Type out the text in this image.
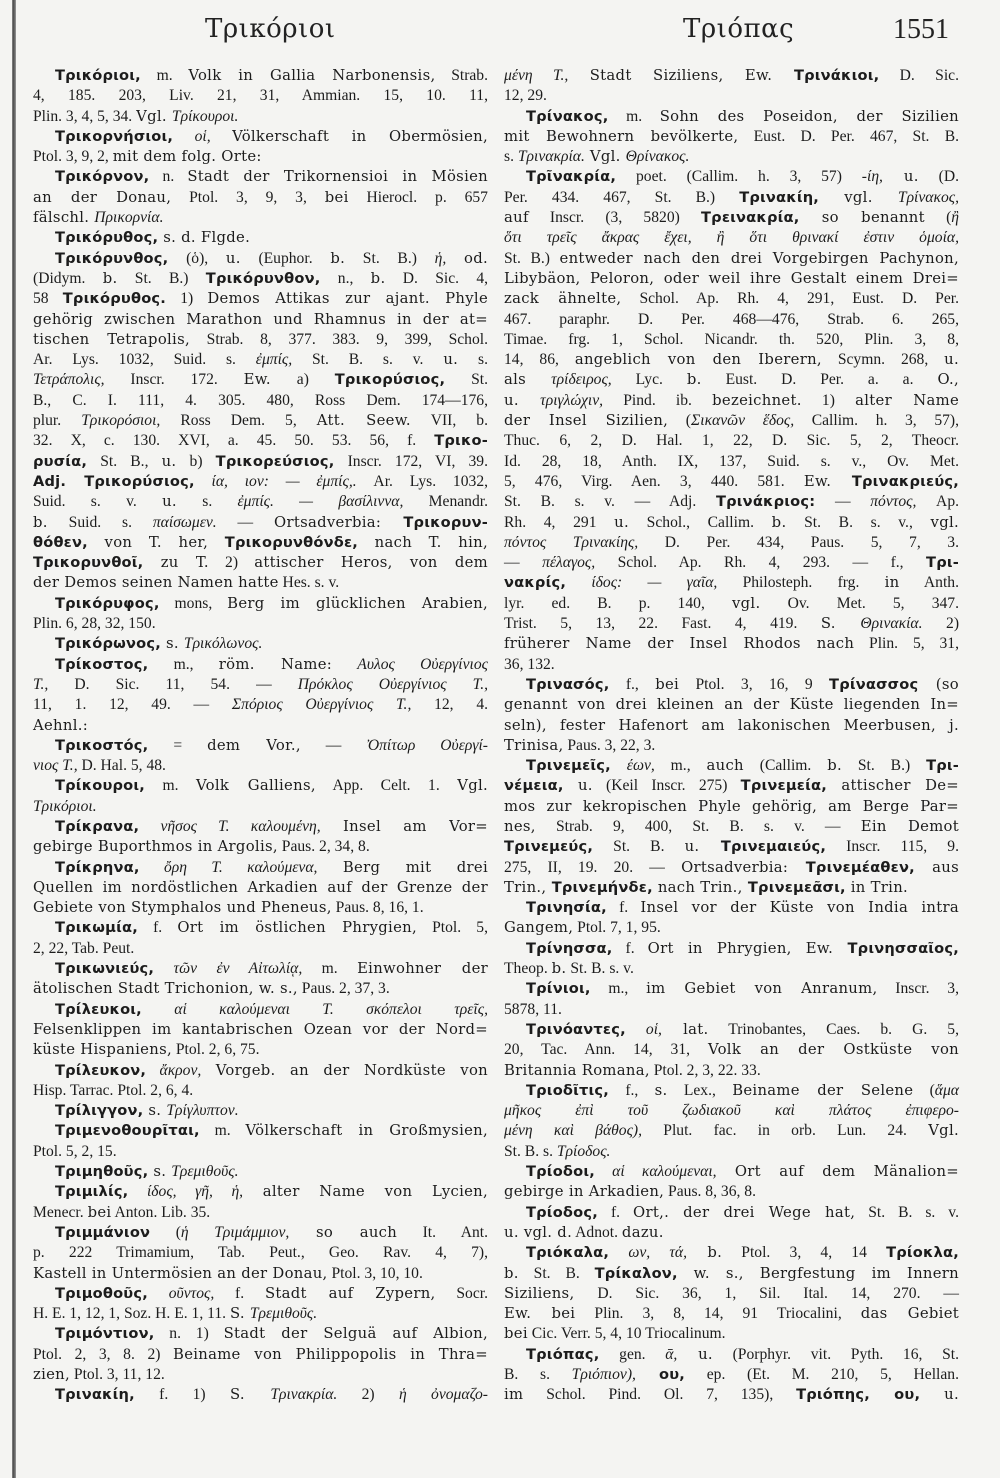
Τρικόριοι	Τριόπας	1551
Τρικόριοι, m. Volk in Gallia Narbonensis, Strab.
4, 185. 203, Liv. 21, 31, Ammian. 15, 10. 11,
Plin. 3, 4, 5, 34. Vgl. Τρίκουροι.
Τρικορνήσιοι, οἱ, Völkerschaft in Obermösien,
Ptol. 3, 9, 2, mit dem folg. Orte:
Τρικόρνον, n. Stadt der Trikornensioi in Mösien
an der Donau, Ptol. 3, 9, 3, bei Hierocl. p. 657
fälschl. Πρικορνία.
Τρικόρυθος, s. d. Flgde.
Τρικόρυνθος, (ὁ), u. (Euphor. b. St. B.) ἡ, od.
(Didym. b. St. B.) Τρικόρυνθον, n., b. D. Sic. 4,
58 Τρικόρυθος. 1) Demos Attikas zur ajant. Phyle
gehörig zwischen Marathon und Rhamnus in der at=
tischen Tetrapolis, Strab. 8, 377. 383. 9, 399, Schol.
Ar. Lys. 1032, Suid. s. ἐμπίς, St. B. s. v. u. s.
Τετράπολις, Inscr. 172. Ew. a) Τρικορύσιος, St.
B., C. I. 111, 4. 305. 480, Ross Dem. 174—176,
plur. Τρικορόσιοι, Ross Dem. 5, Att. Seew. VII, b.
32. X, c. 130. XVI, a. 45. 50. 53. 56, f. Τρικο-
ρυσία, St. B., u. b) Τρικορεύσιος, Inscr. 172, VI, 39.
Adj. Τρικορύσιος, ία, ιον: — ἐμπίς,. Ar. Lys. 1032,
Suid. s. v. u. s. ἐμπίς. — βασίλιννα, Menandr.
b. Suid. s. παίσωμεν. — Ortsadverbia: Τρικορυν-
θόθεν, von T. her, Τρικορυνθόνδε, nach T. hin,
Τρικορυνθοῖ, zu T. 2) attischer Heros, von dem
der Demos seinen Namen hatte Hes. s. v.
Τρικόρυφος, mons, Berg im glücklichen Arabien,
Plin. 6, 28, 32, 150.
Τρικόρωνος, s. Τρικόλωνος.
Τρίκοστος, m., röm. Name: Αυλος Οὐεργίνιος
Τ., D. Sic. 11, 54. — Πρόκλος Οὐεργίνιος Τ.,
11, 1. 12, 49. — Σπόριος Οὐεργίνιος Τ., 12, 4.
Aehnl.:
Τρικοστός, = dem Vor., — Ὀπίτωρ Οὐεργί-
νιος Τ., D. Hal. 5, 48.
Τρίκουροι, m. Volk Galliens, App. Celt. 1. Vgl.
Τρικόριοι.
Τρίκρανα, νῆσος Τ. καλουμένη, Insel am Vor=
gebirge Buporthmos in Argolis, Paus. 2, 34, 8.
Τρίκρηνα, ὄρη Τ. καλούμενα, Berg mit drei
Quellen im nordöstlichen Arkadien auf der Grenze der
Gebiete von Stymphalos und Pheneus, Paus. 8, 16, 1.
Τρικωμία, f. Ort im östlichen Phrygien, Ptol. 5,
2, 22, Tab. Peut.
Τρικωνιεύς, τῶν ἐν Αἰτωλίᾳ, m. Einwohner der
ätolischen Stadt Trichonion, w. s., Paus. 2, 37, 3.
Τρίλευκοι, αἱ καλούμεναι Τ. σκόπελοι τρεῖς,
Felsenklippen im kantabrischen Ozean vor der Nord=
küste Hispaniens, Ptol. 2, 6, 75.
Τρίλευκον, ἄκρον, Vorgeb. an der Nordküste von
Hisp. Tarrac. Ptol. 2, 6, 4.
Τρίλιγγον, s. Τρίγλυπτον.
Τριμενοθουρῖται, m. Völkerschaft in Großmysien,
Ptol. 5, 2, 15.
Τριμηθοῦς, s. Τρεμιθοῦς.
Τριμιλίς, ίδος, γῆ, ἡ, alter Name von Lycien,
Menecr. bei Anton. Lib. 35.
Τριμμάνιον (ἡ Τριμάμμιον, so auch It. Ant.
p. 222 Trimamium, Tab. Peut., Geo. Rav. 4, 7),
Kastell in Untermösien an der Donau, Ptol. 3, 10, 10.
Τριμοθοῦς, οῦντος, f. Stadt auf Zypern, Socr.
H. E. 1, 12, 1, Soz. H. E. 1, 11. S. Τρεμιθοῦς.
Τριμόντιον, n. 1) Stadt der Selguä auf Albion,
Ptol. 2, 3, 8. 2) Beiname von Philippopolis in Thra=
zien, Ptol. 3, 11, 12.
Τρινακίη, f. 1) S. Τρινακρία. 2) ἡ ὀνομαζο-
μένη Τ., Stadt Siziliens, Ew. Τρινάκιοι, D. Sic.
12, 29.
Τρίνακος, m. Sohn des Poseidon, der Sizilien
mit Bewohnern bevölkerte, Eust. D. Per. 467, St. B.
s. Τρινακρία. Vgl. Θρίνακος.
Τρῖνακρία, poet. (Callim. h. 3, 57) -ίη, u. (D.
Per. 434. 467, St. B.) Τρινακίη, vgl. Τρίνακος,
auf Inscr. (3, 5820) Τρεινακρία, so benannt (ἢ
ὅτι τρεῖς ἄκρας ἔχει, ἢ ὅτι θρινακί ἐστιν ὁμοία,
St. B.) entweder nach den drei Vorgebirgen Pachynon,
Libybäon, Peloron, oder weil ihre Gestalt einem Drei=
zack ähnelte, Schol. Ap. Rh. 4, 291, Eust. D. Per.
467. paraphr. D. Per. 468—476, Strab. 6. 265,
Timae. frg. 1, Schol. Nicandr. th. 520, Plin. 3, 8,
14, 86, angeblich von den Iberern, Scymn. 268, u.
als τρίδειρος, Lyc. b. Eust. D. Per. a. a. O.,
u. τριγλώχιν, Pind. ib. bezeichnet. 1) alter Name
der Insel Sizilien, (Σικανῶν ἕδος, Callim. h. 3, 57),
Thuc. 6, 2, D. Hal. 1, 22, D. Sic. 5, 2, Theocr.
Id. 28, 18, Anth. IX, 137, Suid. s. v., Ov. Met.
5, 476, Virg. Aen. 3, 440. 581. Ew. Τρινακριεύς,
St. B. s. v. — Adj. Τρινάκριος: — πόντος, Ap.
Rh. 4, 291 u. Schol., Callim. b. St. B. s. v., vgl.
πόντος Τρινακίης, D. Per. 434, Paus. 5, 7, 3.
— πέλαγος, Schol. Ap. Rh. 4, 293. — f., Τρι-
νακρίς, ίδος: — γαῖα, Philosteph. frg. in Anth.
lyr. ed. B. p. 140, vgl. Ov. Met. 5, 347.
Trist. 5, 13, 22. Fast. 4, 419. S. Θρινακία. 2)
früherer Name der Insel Rhodos nach Plin. 5, 31,
36, 132.
Τρινασός, f., bei Ptol. 3, 16, 9 Τρίνασσος (so
genannt von drei kleinen an der Küste liegenden In=
seln), fester Hafenort am lakonischen Meerbusen, j.
Trinisa, Paus. 3, 22, 3.
Τρινεμεῖς, έων, m., auch (Callim. b. St. B.) Τρι-
νέμεια, u. (Keil Inscr. 275) Τρινεμεία, attischer De=
mos zur kekropischen Phyle gehörig, am Berge Par=
nes, Strab. 9, 400, St. B. s. v. — Ein Demot
Τρινεμεύς, St. B. u. Τρινεμαιεύς, Inscr. 115, 9.
275, II, 19. 20. — Ortsadverbia: Τρινεμέαθεν, aus
Trin., Τρινεμήνδε, nach Trin., Τρινεμεᾶσι, in Trin.
Τρινησία, f. Insel vor der Küste von India intra
Gangem, Ptol. 7, 1, 95.
Τρίνησσα, f. Ort in Phrygien, Ew. Τρινησσαῖος,
Theop. b. St. B. s. v.
Τρίνιοι, m., im Gebiet von Anranum, Inscr. 3,
5878, 11.
Τρινόαντες, οἱ, lat. Trinobantes, Caes. b. G. 5,
20, Tac. Ann. 14, 31, Volk an der Ostküste von
Britannia Romana, Ptol. 2, 3, 22. 33.
Τριοδῖτις, f., s. Lex., Beiname der Selene (ἅμα
μῆκος ἐπὶ τοῦ ζωδιακοῦ καὶ πλάτος ἐπιφερο-
μένη καὶ βάθος), Plut. fac. in orb. Lun. 24. Vgl.
St. B. s. Τρίοδος.
Τρίοδοι, αἱ καλούμεναι, Ort auf dem Mänalion=
gebirge in Arkadien, Paus. 8, 36, 8.
Τρίοδος, f. Ort,. der drei Wege hat, St. B. s. v.
u. vgl. d. Adnot. dazu.
Τριόκαλα, ων, τά, b. Ptol. 3, 4, 14 Τρίοκλα,
b. St. B. Τρίκαλον, w. s., Bergfestung im Innern
Siziliens, D. Sic. 36, 1, Sil. Ital. 14, 270. —
Ew. bei Plin. 3, 8, 14, 91 Triocalini, das Gebiet
bei Cic. Verr. 5, 4, 10 Triocalinum.
Τριόπας, gen. ᾱ, u. (Porphyr. vit. Pyth. 16, St.
B. s. Τριόπιον), ου, ep. (Et. M. 210, 5, Hellan.
im Schol. Pind. Ol. 7, 135), Τριόπης, ου, u.
